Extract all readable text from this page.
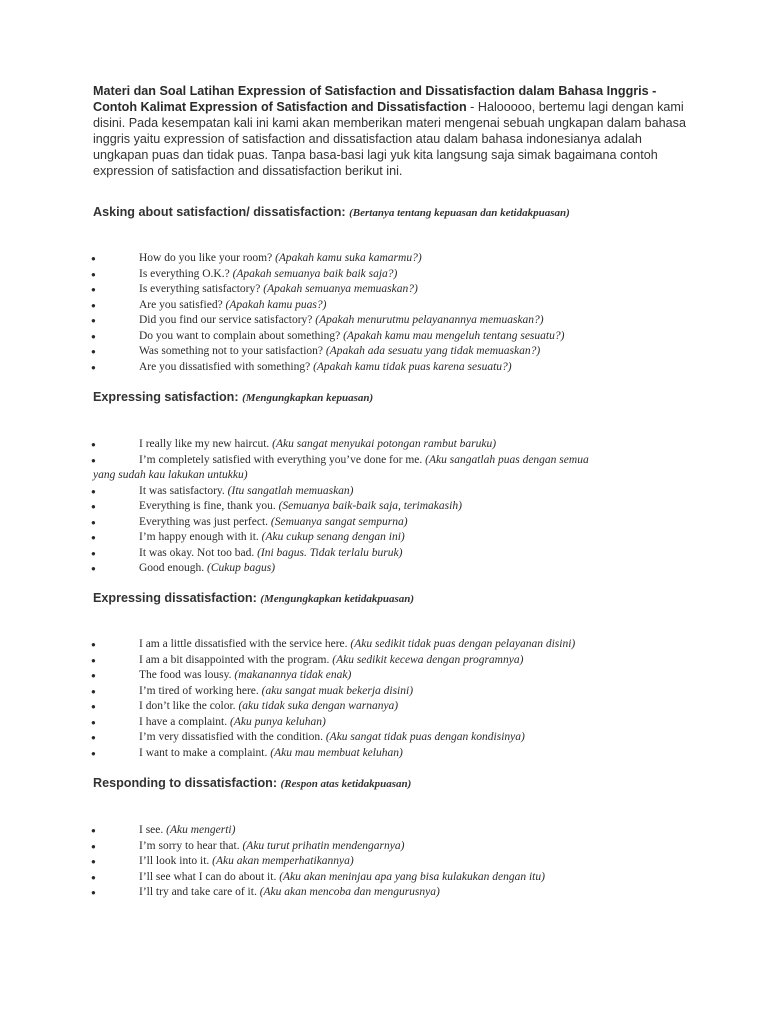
Materi dan Soal Latihan Expression of Satisfaction and Dissatisfaction dalam Bahasa Inggris - Contoh Kalimat Expression of Satisfaction and Dissatisfaction - Halooooo, bertemu lagi dengan kami disini. Pada kesempatan kali ini kami akan memberikan materi mengenai sebuah ungkapan dalam bahasa inggris yaitu expression of satisfaction and dissatisfaction atau dalam bahasa indonesianya adalah ungkapan puas dan tidak puas. Tanpa basa-basi lagi yuk kita langsung saja simak bagaimana contoh expression of satisfaction and dissatisfaction berikut ini.
Asking about satisfaction/ dissatisfaction: (Bertanya tentang kepuasan dan ketidakpuasan)
●	How do you like your room? (Apakah kamu suka kamarmu?)
●	Is everything O.K.? (Apakah semuanya baik baik saja?)
●	Is everything satisfactory? (Apakah semuanya memuaskan?)
●	Are you satisfied? (Apakah kamu puas?)
●	Did you find our service satisfactory? (Apakah menurutmu pelayanannya memuaskan?)
●	Do you want to complain about something? (Apakah kamu mau mengeluh tentang sesuatu?)
●	Was something not to your satisfaction? (Apakah ada sesuatu yang tidak memuaskan?)
●	Are you dissatisfied with something? (Apakah kamu tidak puas karena sesuatu?)
Expressing satisfaction: (Mengungkapkan kepuasan)
●	I really like my new haircut. (Aku sangat menyukai potongan rambut baruku)
●	I’m completely satisfied with everything you’ve done for me. (Aku sangatlah puas dengan semua
yang sudah kau lakukan untukku)
●	It was satisfactory. (Itu sangatlah memuaskan)
●	Everything is fine, thank you. (Semuanya baik-baik saja, terimakasih)
●	Everything was just perfect. (Semuanya sangat sempurna)
●	I’m happy enough with it. (Aku cukup senang dengan ini)
●	It was okay. Not too bad. (Ini bagus. Tidak terlalu buruk)
●	Good enough. (Cukup bagus)
Expressing dissatisfaction: (Mengungkapkan ketidakpuasan)
●	I am a little dissatisfied with the service here. (Aku sedikit tidak puas dengan pelayanan disini)
●	I am a bit disappointed with the program. (Aku sedikit kecewa dengan programnya)
●	The food was lousy. (makanannya tidak enak)
●	I’m tired of working here. (aku sangat muak bekerja disini)
●	I don’t like the color. (aku tidak suka dengan warnanya)
●	I have a complaint. (Aku punya keluhan)
●	I’m very dissatisfied with the condition. (Aku sangat tidak puas dengan kondisinya)
●	I want to make a complaint. (Aku mau membuat keluhan)
Responding to dissatisfaction: (Respon atas ketidakpuasan)
●	I see. (Aku mengerti)
●	I’m sorry to hear that. (Aku turut prihatin mendengarnya)
●	I’ll look into it. (Aku akan memperhatikannya)
●	I’ll see what I can do about it. (Aku akan meninjau apa yang bisa kulakukan dengan itu)
●	I’ll try and take care of it. (Aku akan mencoba dan mengurusnya)
